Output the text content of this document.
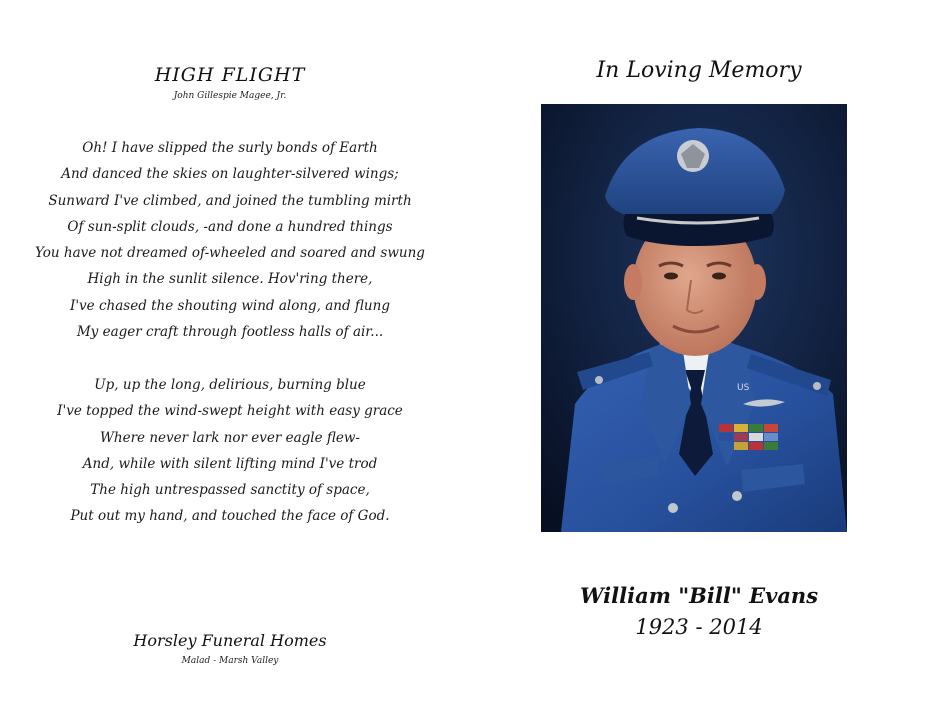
HIGH FLIGHT
John Gillespie Magee, Jr.
Oh! I have slipped the surly bonds of Earth
And danced the skies on laughter-silvered wings;
Sunward I've climbed, and joined the tumbling mirth
Of sun-split clouds, -and done a hundred things
You have not dreamed of-wheeled and soared and swung
High in the sunlit silence. Hov'ring there,
I've chased the shouting wind along, and flung
My eager craft through footless halls of air...
Up, up the long, delirious, burning blue
I've topped the wind-swept height with easy grace
Where never lark nor ever eagle flew-
And, while with silent lifting mind I've trod
The high untrespassed sanctity of space,
Put out my hand, and touched the face of God.
Horsley Funeral Homes
Malad - Marsh Valley
In Loving Memory
US
William "Bill" Evans
1923 - 2014
